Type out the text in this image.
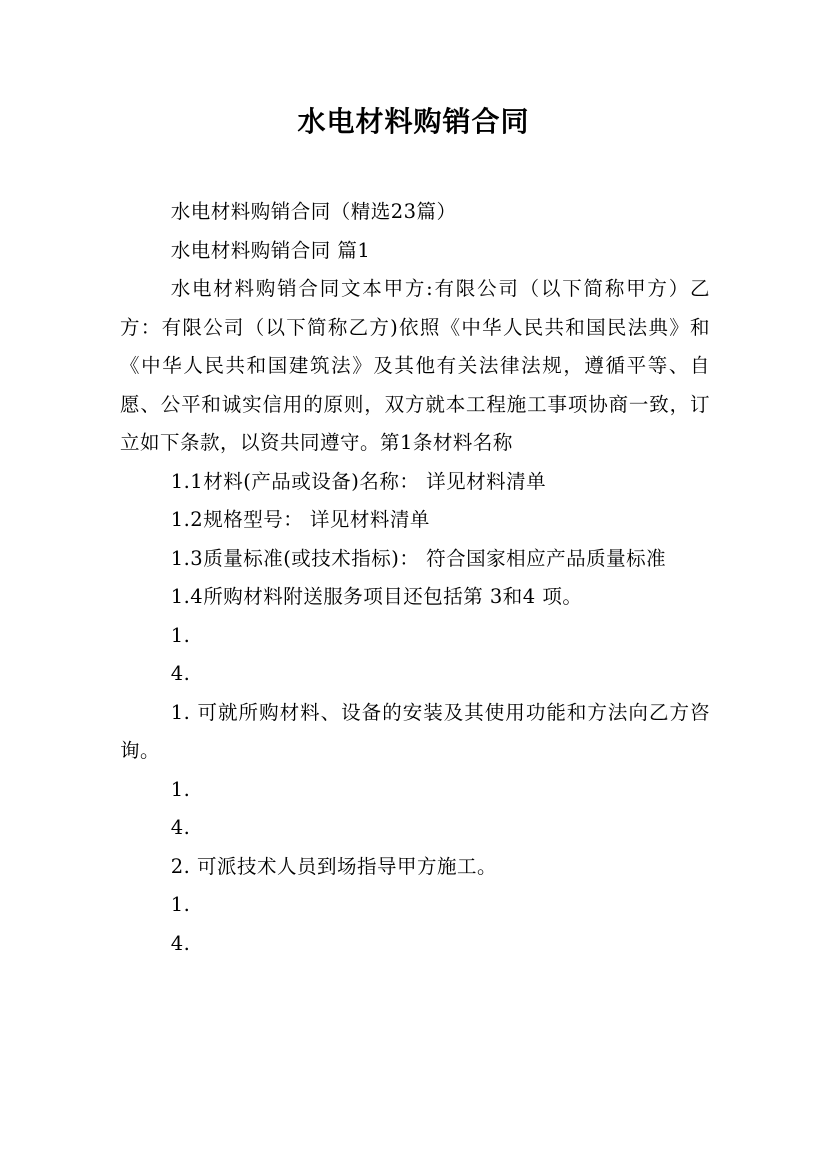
水电材料购销合同

水电材料购销合同（精选23篇）

水电材料购销合同 篇1

水电材料购销合同文本甲方:有限公司（以下简称甲方）乙方：有限公司（以下简称乙方)依照《中华人民共和国民法典》和《中华人民共和国建筑法》及其他有关法律法规，遵循平等、自愿、公平和诚实信用的原则，双方就本工程施工事项协商一致，订立如下条款，以资共同遵守。第1条材料名称

1.1材料(产品或设备)名称： 详见材料清单

1.2规格型号： 详见材料清单

1.3质量标准(或技术指标)： 符合国家相应产品质量标准

1.4所购材料附送服务项目还包括第 3和4 项。

1.

4.

1. 可就所购材料、设备的安装及其使用功能和方法向乙方咨询。

1.

4.

2. 可派技术人员到场指导甲方施工。

1.

4.
